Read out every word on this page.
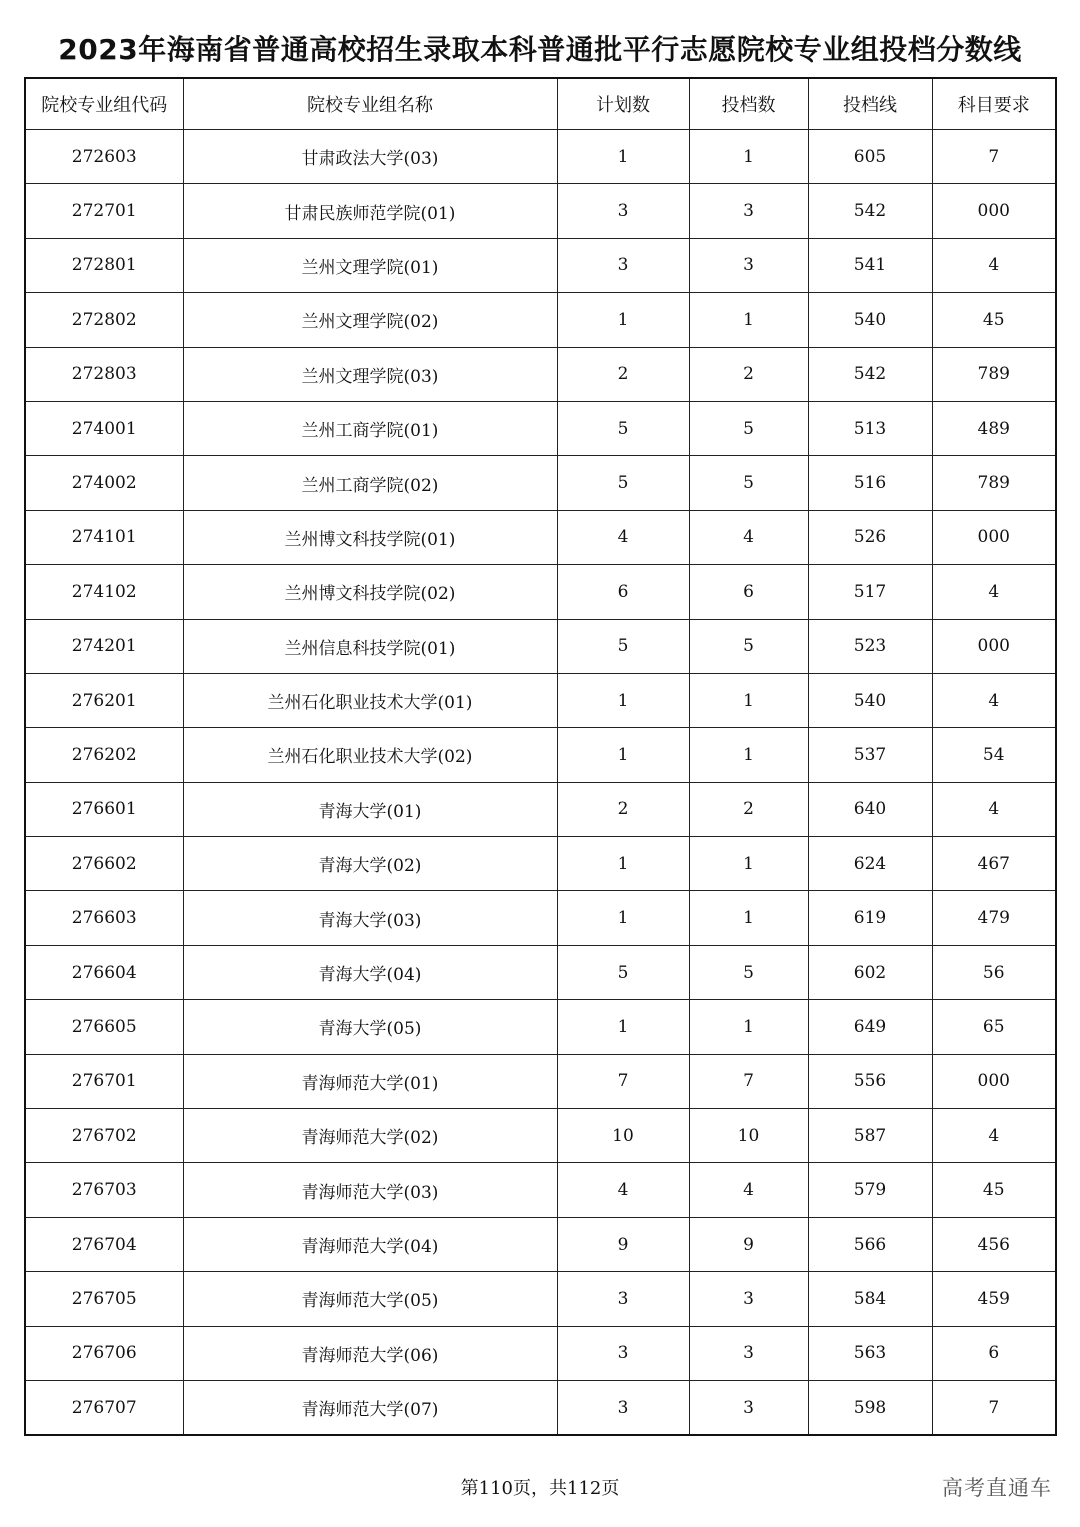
2023年海南省普通高校招生录取本科普通批平行志愿院校专业组投档分数线
院校专业组代码	院校专业组名称	计划数	投档数	投档线	科目要求
272603	甘肃政法大学(03)	1	1	605	7
272701	甘肃民族师范学院(01)	3	3	542	000
272801	兰州文理学院(01)	3	3	541	4
272802	兰州文理学院(02)	1	1	540	45
272803	兰州文理学院(03)	2	2	542	789
274001	兰州工商学院(01)	5	5	513	489
274002	兰州工商学院(02)	5	5	516	789
274101	兰州博文科技学院(01)	4	4	526	000
274102	兰州博文科技学院(02)	6	6	517	4
274201	兰州信息科技学院(01)	5	5	523	000
276201	兰州石化职业技术大学(01)	1	1	540	4
276202	兰州石化职业技术大学(02)	1	1	537	54
276601	青海大学(01)	2	2	640	4
276602	青海大学(02)	1	1	624	467
276603	青海大学(03)	1	1	619	479
276604	青海大学(04)	5	5	602	56
276605	青海大学(05)	1	1	649	65
276701	青海师范大学(01)	7	7	556	000
276702	青海师范大学(02)	10	10	587	4
276703	青海师范大学(03)	4	4	579	45
276704	青海师范大学(04)	9	9	566	456
276705	青海师范大学(05)	3	3	584	459
276706	青海师范大学(06)	3	3	563	6
276707	青海师范大学(07)	3	3	598	7
第110页，共112页	高考直通车
